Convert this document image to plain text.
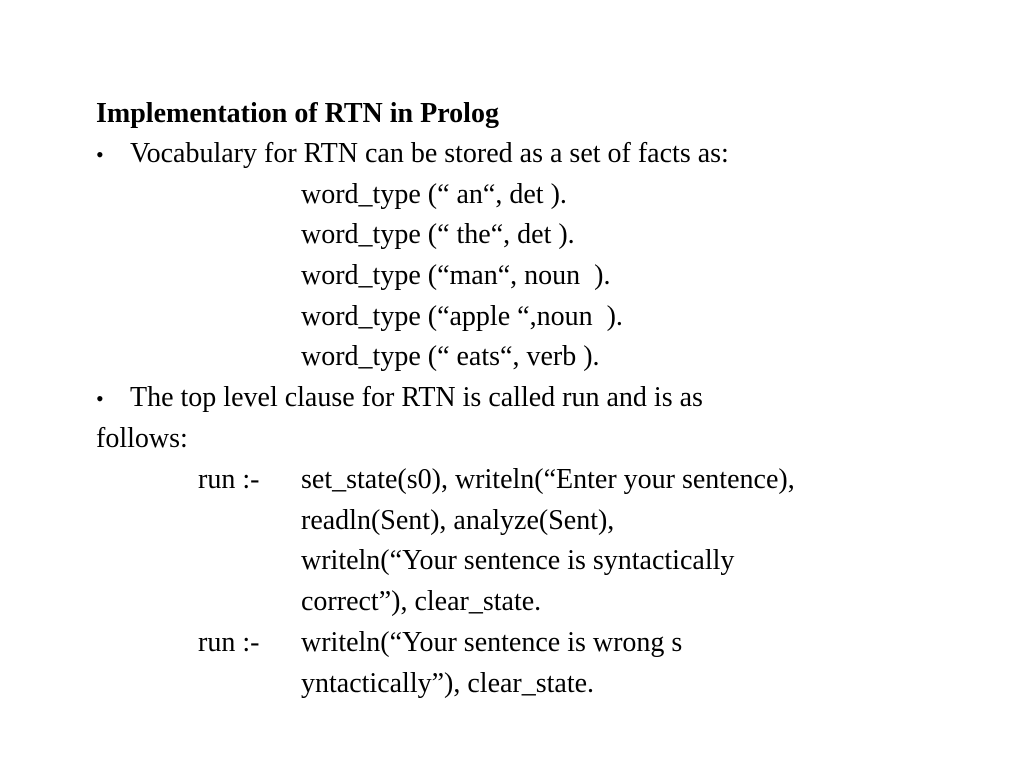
Implementation of RTN in Prolog
• Vocabulary for RTN can be stored as a set of facts as:
word_type (“ an“, det ).
word_type (“ the“, det ).
word_type (“man“, noun  ).
word_type (“apple “,noun  ).
word_type (“ eats“, verb ).
• The top level clause for RTN is called run and is as
follows:
run :- set_state(s0), writeln(“Enter your sentence),
readln(Sent), analyze(Sent),
writeln(“Your sentence is syntactically
correct”), clear_state.
run :- writeln(“Your sentence is wrong s
yntactically”), clear_state.
